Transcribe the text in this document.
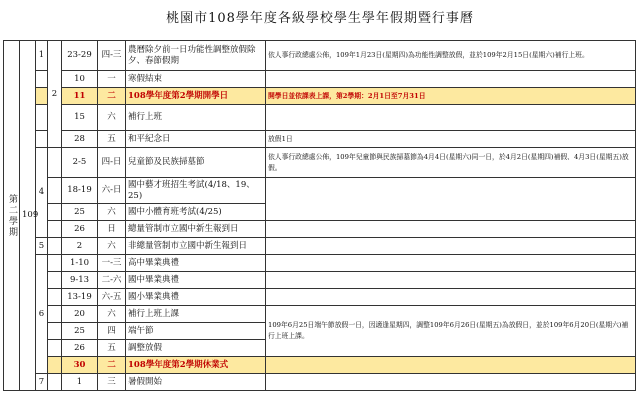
桃園市108學年度各級學校學生學年假期暨行事曆
第二學期	109	1	2	23-29	四-三	農曆除夕前一日功能性調整放假除夕、春節假期	依人事行政總處公佈，109年1月23日(星期四)為功能性調整放假，並於109年2月15日(星期六)補行上班。
				10	一	寒假結束	
				11	二	108學年度第2學期開學日	開學日並依課表上課，第2學期：2月1日至7月31日
				15	六	補行上班	
				28	五	和平紀念日	放假1日
		4		2-5	四-日	兒童節及民族掃墓節	依人事行政總處公佈，109年兒童節與民族掃墓節為4月4日(星期六)同一日，於4月2日(星期四)補假、4月3日(星期五)放假。
				18-19	六-日	國中藝才班招生考試(4/18、19、25)	
				25	六	國中小體育班考試(4/25)	
				26	日	總量管制市立國中新生報到日	
		5		2	六	非總量管制市立國中新生報到日	
		6		1-10	一-三	高中畢業典禮	
				9-13	二-六	國中畢業典禮	
				13-19	六-五	國小畢業典禮	
				20	六	補行上班上課	109年6月25日端午節放假一日，因適逢星期四，調整109年6月26日(星期五)為放假日，並於109年6月20日(星期六)補行上班上課。
				25	四	端午節	
				26	五	調整放假	
				30	二	108學年度第2學期休業式	
		7		1	三	暑假開始	
